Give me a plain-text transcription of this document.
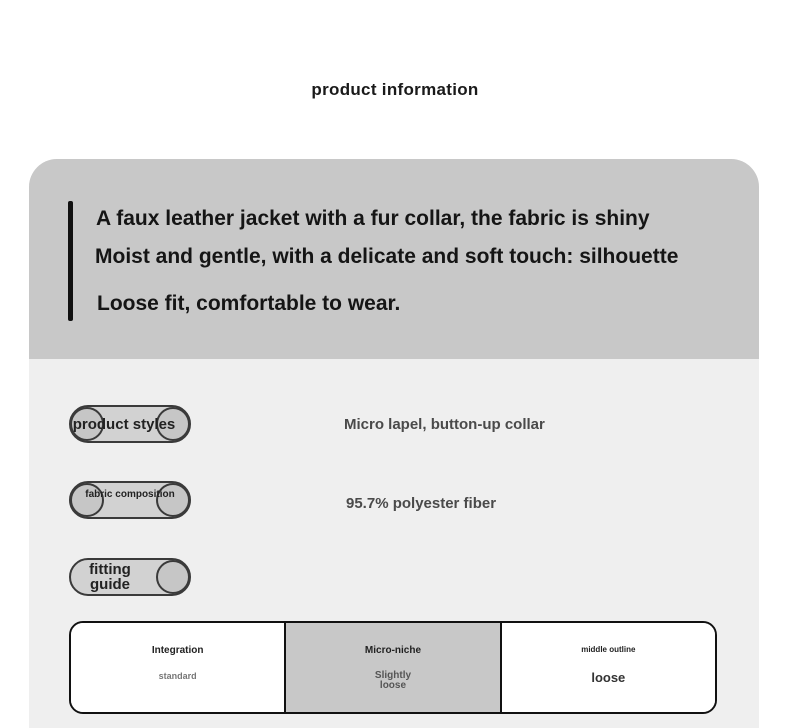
product information
A faux leather jacket with a fur collar, the fabric is shiny
Moist and gentle, with a delicate and soft touch: silhouette
Loose fit, comfortable to wear.
product styles	Micro lapel, button-up collar
fabric composition
95.7% polyester fiber
fitting guide
Integration
standard
Micro-niche
Slightly loose
middle outline
loose
